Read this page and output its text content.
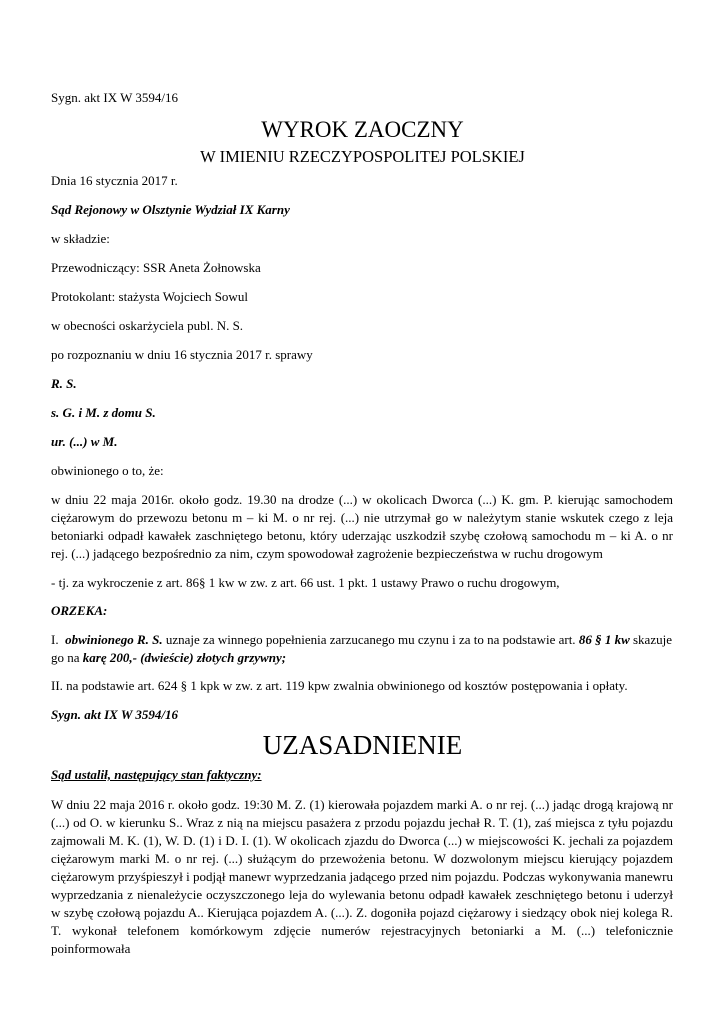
Sygn. akt IX W 3594/16

WYROK ZAOCZNY

W IMIENIU RZECZYPOSPOLITEJ POLSKIEJ

Dnia 16 stycznia 2017 r.

Sąd Rejonowy w Olsztynie Wydział IX Karny

w składzie:

Przewodniczący: SSR Aneta Żołnowska

Protokolant: stażysta Wojciech Sowul

w obecności oskarżyciela publ. N. S.

po rozpoznaniu w dniu 16 stycznia 2017 r. sprawy

R. S.

s. G. i M. z domu S.

ur. (...) w M.

obwinionego o to, że:

w dniu 22 maja 2016r. około godz. 19.30 na drodze (...) w okolicach Dworca (...) K. gm. P. kierując samochodem ciężarowym do przewozu betonu m – ki M. o nr rej. (...) nie utrzymał go w należytym stanie wskutek czego z leja betoniarki odpadł kawałek zaschniętego betonu, który uderzając uszkodził szybę czołową samochodu m – ki A. o nr rej. (...) jadącego bezpośrednio za nim, czym spowodował zagrożenie bezpieczeństwa w ruchu drogowym

- tj. za wykroczenie z art. 86§ 1 kw w zw. z art. 66 ust. 1 pkt. 1 ustawy Prawo o ruchu drogowym,

ORZEKA:

I. obwinionego R. S. uznaje za winnego popełnienia zarzucanego mu czynu i za to na podstawie art. 86 § 1 kw skazuje go na karę 200,- (dwieście) złotych grzywny;

II. na podstawie art. 624 § 1 kpk w zw. z art. 119 kpw zwalnia obwinionego od kosztów postępowania i opłaty.

Sygn. akt IX W 3594/16

UZASADNIENIE

Sąd ustalił, następujący stan faktyczny:

W dniu 22 maja 2016 r. około godz. 19:30 M. Z. (1) kierowała pojazdem marki A. o nr rej. (...) jadąc drogą krajową nr (...) od O. w kierunku S.. Wraz z nią na miejscu pasażera z przodu pojazdu jechał R. T. (1), zaś miejsca z tyłu pojazdu zajmowali M. K. (1), W. D. (1) i D. I. (1). W okolicach zjazdu do Dworca (...) w miejscowości K. jechali za pojazdem ciężarowym marki M. o nr rej. (...) służącym do przewożenia betonu. W dozwolonym miejscu kierujący pojazdem ciężarowym przyśpieszył i podjął manewr wyprzedzania jadącego przed nim pojazdu. Podczas wykonywania manewru wyprzedzania z nienależycie oczyszczonego leja do wylewania betonu odpadł kawałek zeschniętego betonu i uderzył w szybę czołową pojazdu A.. Kierująca pojazdem A. (...). Z. dogoniła pojazd ciężarowy i siedzący obok niej kolega R. T. wykonał telefonem komórkowym zdjęcie numerów rejestracyjnych betoniarki a M. (...) telefonicznie poinformowała
